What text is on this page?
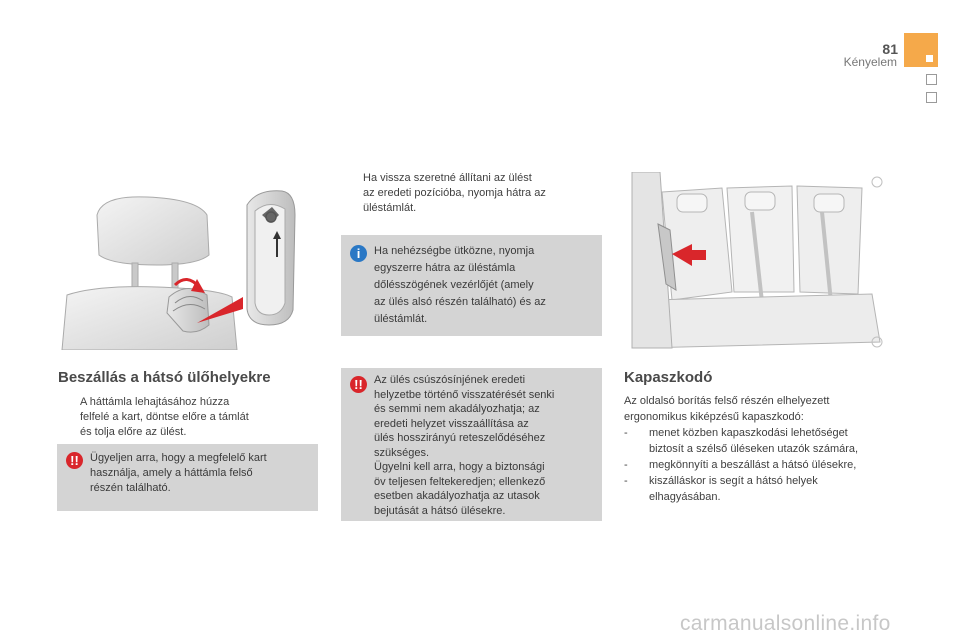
81
Kényelem
Beszállás a hátsó ülőhelyekre
A háttámla lehajtásához húzza
felfelé a kart, döntse előre a támlát
és tolja előre az ülést.
!!	Ügyeljen arra, hogy a megfelelő kart
használja, amely a háttámla felső
részén található.
Ha vissza szeretné állítani az ülést
az eredeti pozícióba, nyomja hátra az
üléstámlát.
i	Ha nehézségbe ütközne, nyomja
egyszerre hátra az üléstámla
dőlésszögének vezérlőjét (amely
az ülés alsó részén található) és az
üléstámlát.
!!	Az ülés csúszósínjének eredeti
helyzetbe történő visszatérését senki
és semmi nem akadályozhatja; az
eredeti helyzet visszaállítása az
ülés hosszirányú reteszelődéséhez
szükséges.
Ügyelni kell arra, hogy a biztonsági
öv teljesen feltekeredjen; ellenkező
esetben akadályozhatja az utasok
bejutását a hátsó ülésekre.
Kapaszkodó
Az oldalsó borítás felső részén elhelyezett
ergonomikus kiképzésű kapaszkodó:
- menet közben kapaszkodási lehetőséget
biztosít a szélső üléseken utazók számára,
- megkönnyíti a beszállást a hátsó ülésekre,
- kiszálláskor is segít a hátsó helyek
elhagyásában.
carmanualsonline.info
